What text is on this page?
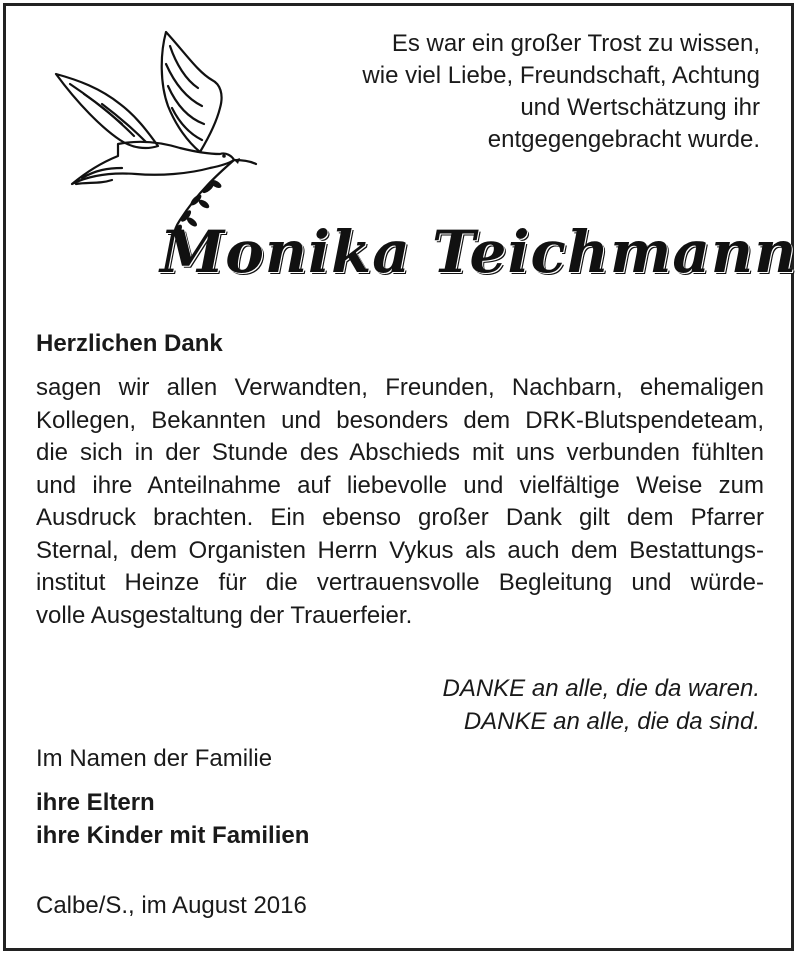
Es war ein großer Trost zu wissen,
wie viel Liebe, Freundschaft, Achtung
und Wertschätzung ihr
entgegengebracht wurde.
Monika Teichmann
Herzlichen Dank
sagen wir allen Verwandten, Freunden, Nachbarn, ehemaligen
Kollegen, Bekannten und besonders dem DRK-Blutspendeteam,
die sich in der Stunde des Abschieds mit uns verbunden fühlten
und ihre Anteilnahme auf liebevolle und vielfältige Weise zum
Ausdruck brachten. Ein ebenso großer Dank gilt dem Pfarrer
Sternal, dem Organisten Herrn Vykus als auch dem Bestattungs-
institut Heinze für die vertrauensvolle Begleitung und würde-
volle Ausgestaltung der Trauerfeier.
DANKE an alle, die da waren.
DANKE an alle, die da sind.
Im Namen der Familie
ihre Eltern
ihre Kinder mit Familien
Calbe/S., im August 2016
